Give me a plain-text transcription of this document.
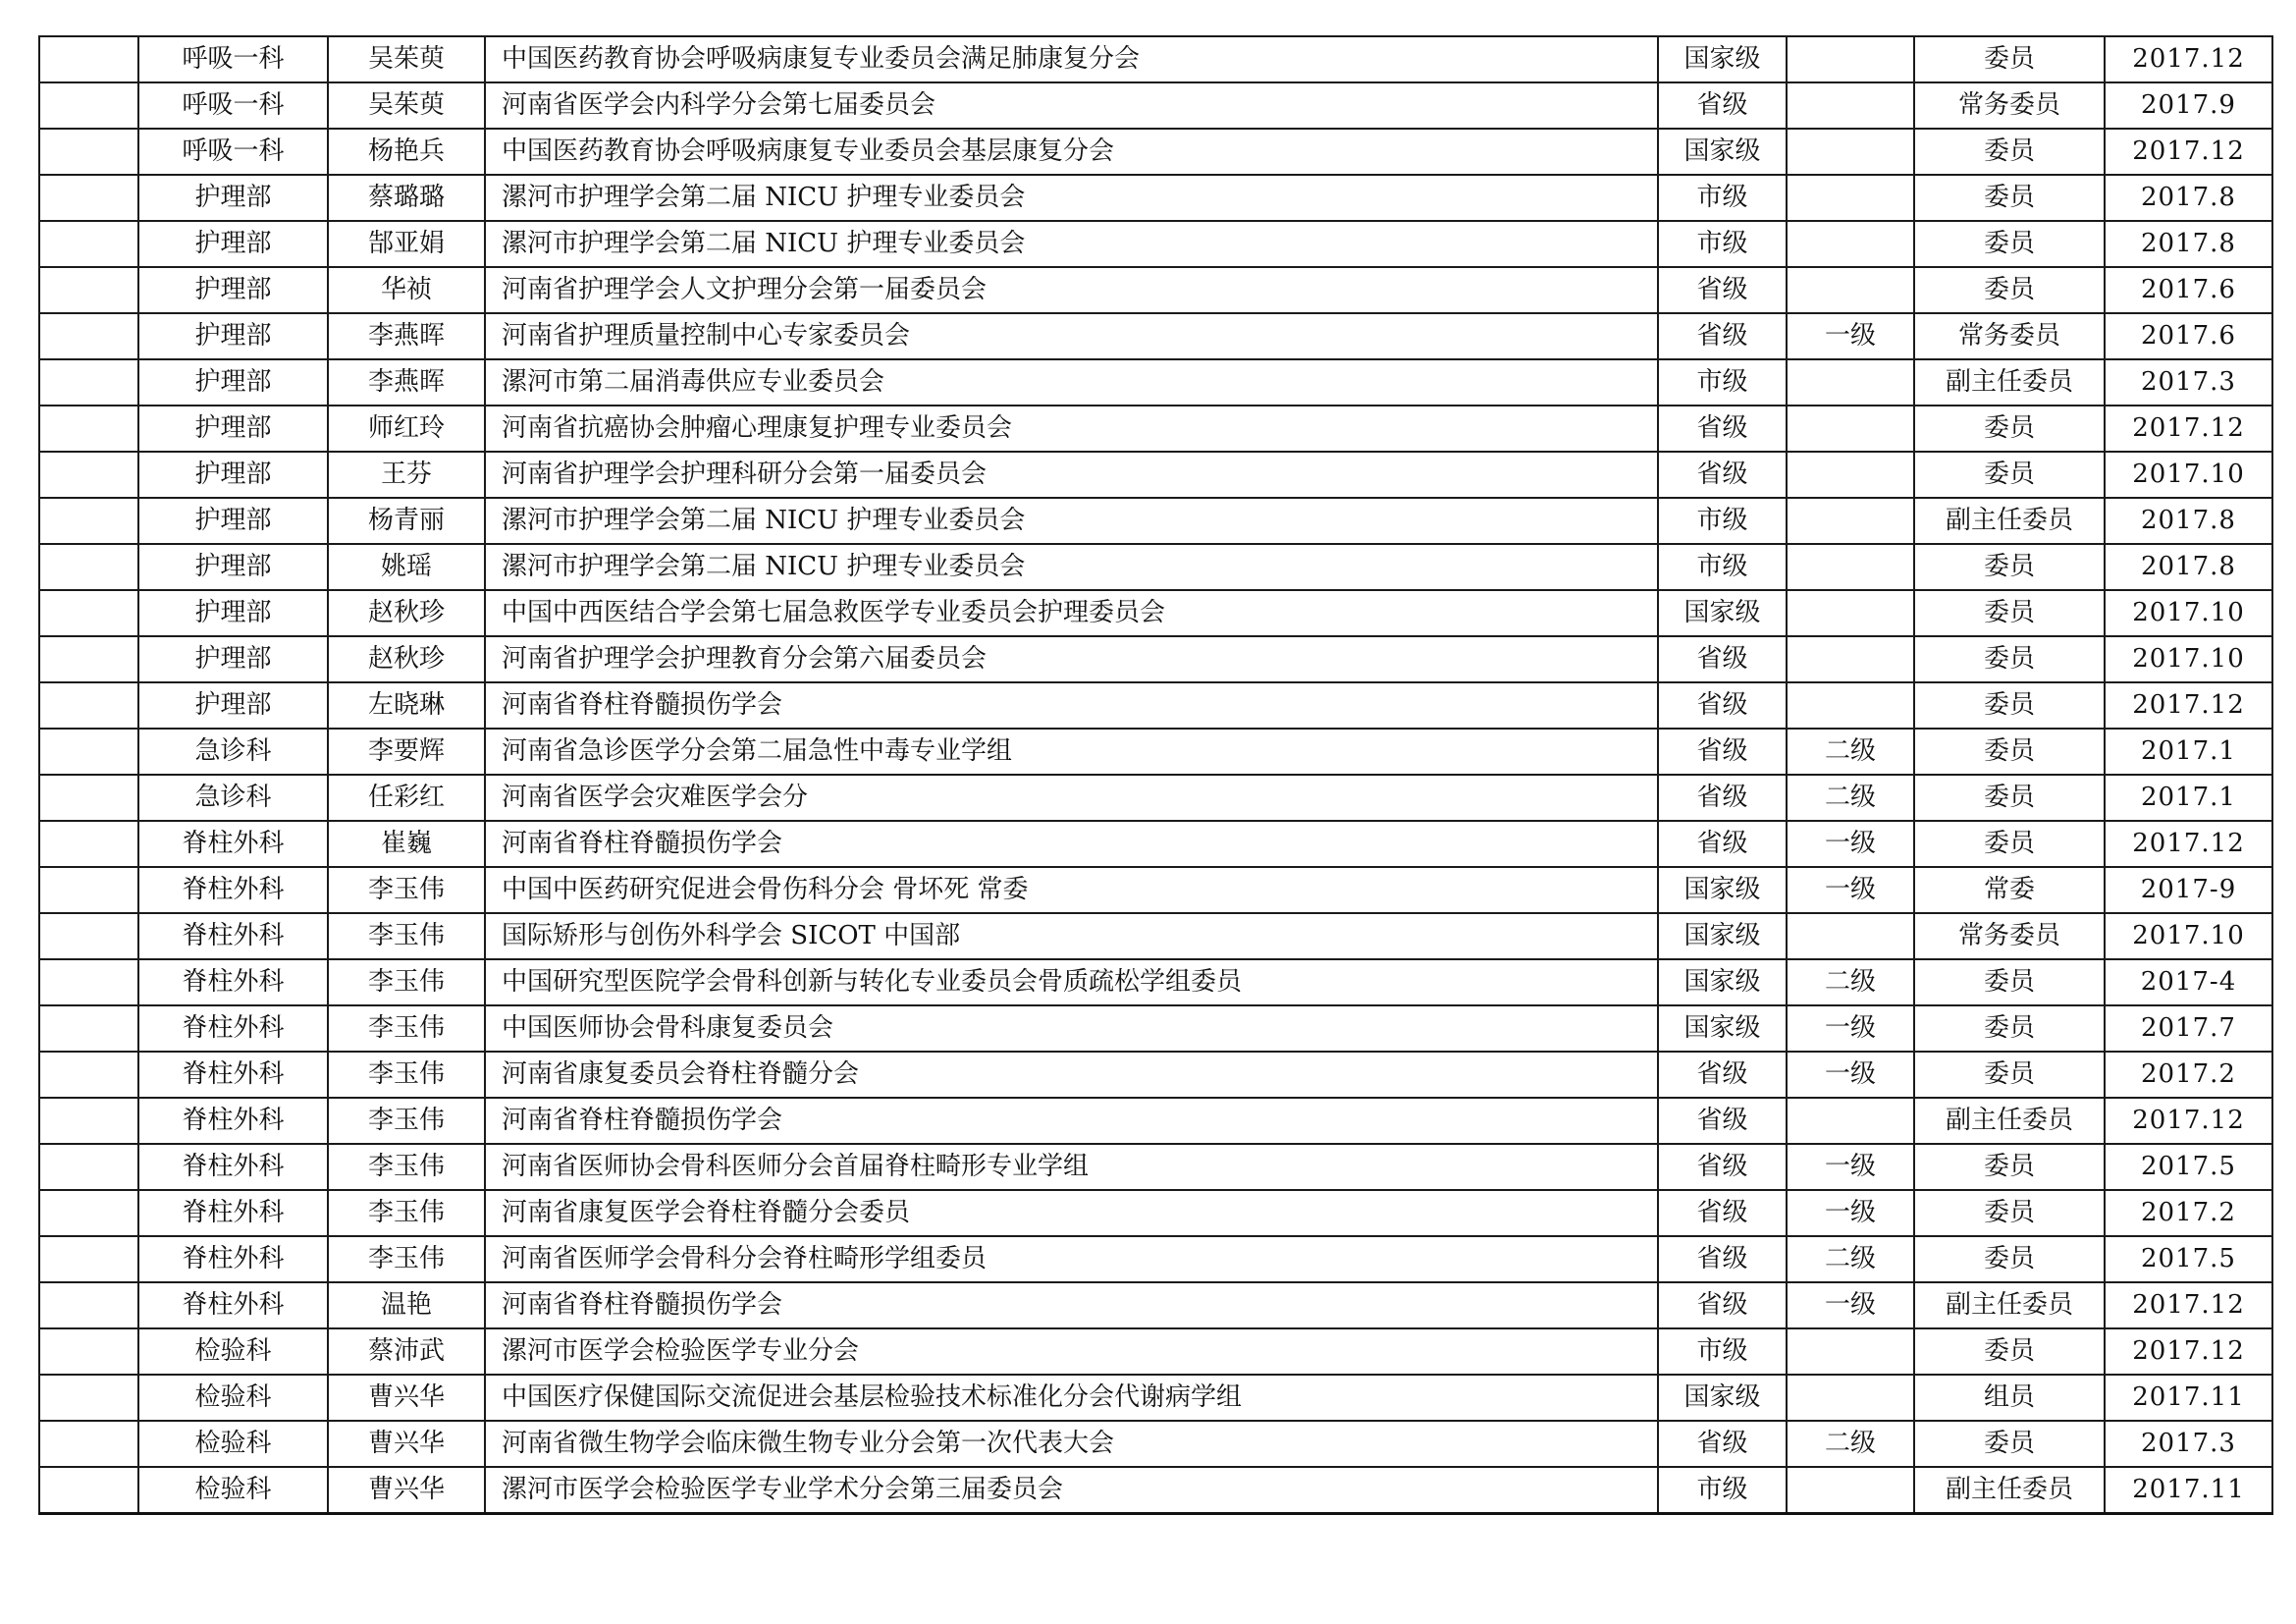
	呼吸一科	吴茱萸	中国医药教育协会呼吸病康复专业委员会满足肺康复分会	国家级		委员	2017.12
	呼吸一科	吴茱萸	河南省医学会内科学分会第七届委员会	省级		常务委员	2017.9
	呼吸一科	杨艳兵	中国医药教育协会呼吸病康复专业委员会基层康复分会	国家级		委员	2017.12
	护理部	蔡璐璐	漯河市护理学会第二届 NICU 护理专业委员会	市级		委员	2017.8
	护理部	郜亚娟	漯河市护理学会第二届 NICU 护理专业委员会	市级		委员	2017.8
	护理部	华祯	河南省护理学会人文护理分会第一届委员会	省级		委员	2017.6
	护理部	李燕晖	河南省护理质量控制中心专家委员会	省级	一级	常务委员	2017.6
	护理部	李燕晖	漯河市第二届消毒供应专业委员会	市级		副主任委员	2017.3
	护理部	师红玲	河南省抗癌协会肿瘤心理康复护理专业委员会	省级		委员	2017.12
	护理部	王芬	河南省护理学会护理科研分会第一届委员会	省级		委员	2017.10
	护理部	杨青丽	漯河市护理学会第二届 NICU 护理专业委员会	市级		副主任委员	2017.8
	护理部	姚瑶	漯河市护理学会第二届 NICU 护理专业委员会	市级		委员	2017.8
	护理部	赵秋珍	中国中西医结合学会第七届急救医学专业委员会护理委员会	国家级		委员	2017.10
	护理部	赵秋珍	河南省护理学会护理教育分会第六届委员会	省级		委员	2017.10
	护理部	左晓琳	河南省脊柱脊髓损伤学会	省级		委员	2017.12
	急诊科	李要辉	河南省急诊医学分会第二届急性中毒专业学组	省级	二级	委员	2017.1
	急诊科	任彩红	河南省医学会灾难医学会分	省级	二级	委员	2017.1
	脊柱外科	崔巍	河南省脊柱脊髓损伤学会	省级	一级	委员	2017.12
	脊柱外科	李玉伟	中国中医药研究促进会骨伤科分会 骨坏死 常委	国家级	一级	常委	2017-9
	脊柱外科	李玉伟	国际矫形与创伤外科学会 SICOT 中国部	国家级		常务委员	2017.10
	脊柱外科	李玉伟	中国研究型医院学会骨科创新与转化专业委员会骨质疏松学组委员	国家级	二级	委员	2017-4
	脊柱外科	李玉伟	中国医师协会骨科康复委员会	国家级	一级	委员	2017.7
	脊柱外科	李玉伟	河南省康复委员会脊柱脊髓分会	省级	一级	委员	2017.2
	脊柱外科	李玉伟	河南省脊柱脊髓损伤学会	省级		副主任委员	2017.12
	脊柱外科	李玉伟	河南省医师协会骨科医师分会首届脊柱畸形专业学组	省级	一级	委员	2017.5
	脊柱外科	李玉伟	河南省康复医学会脊柱脊髓分会委员	省级	一级	委员	2017.2
	脊柱外科	李玉伟	河南省医师学会骨科分会脊柱畸形学组委员	省级	二级	委员	2017.5
	脊柱外科	温艳	河南省脊柱脊髓损伤学会	省级	一级	副主任委员	2017.12
	检验科	蔡沛武	漯河市医学会检验医学专业分会	市级		委员	2017.12
	检验科	曹兴华	中国医疗保健国际交流促进会基层检验技术标准化分会代谢病学组	国家级		组员	2017.11
	检验科	曹兴华	河南省微生物学会临床微生物专业分会第一次代表大会	省级	二级	委员	2017.3
	检验科	曹兴华	漯河市医学会检验医学专业学术分会第三届委员会	市级		副主任委员	2017.11
